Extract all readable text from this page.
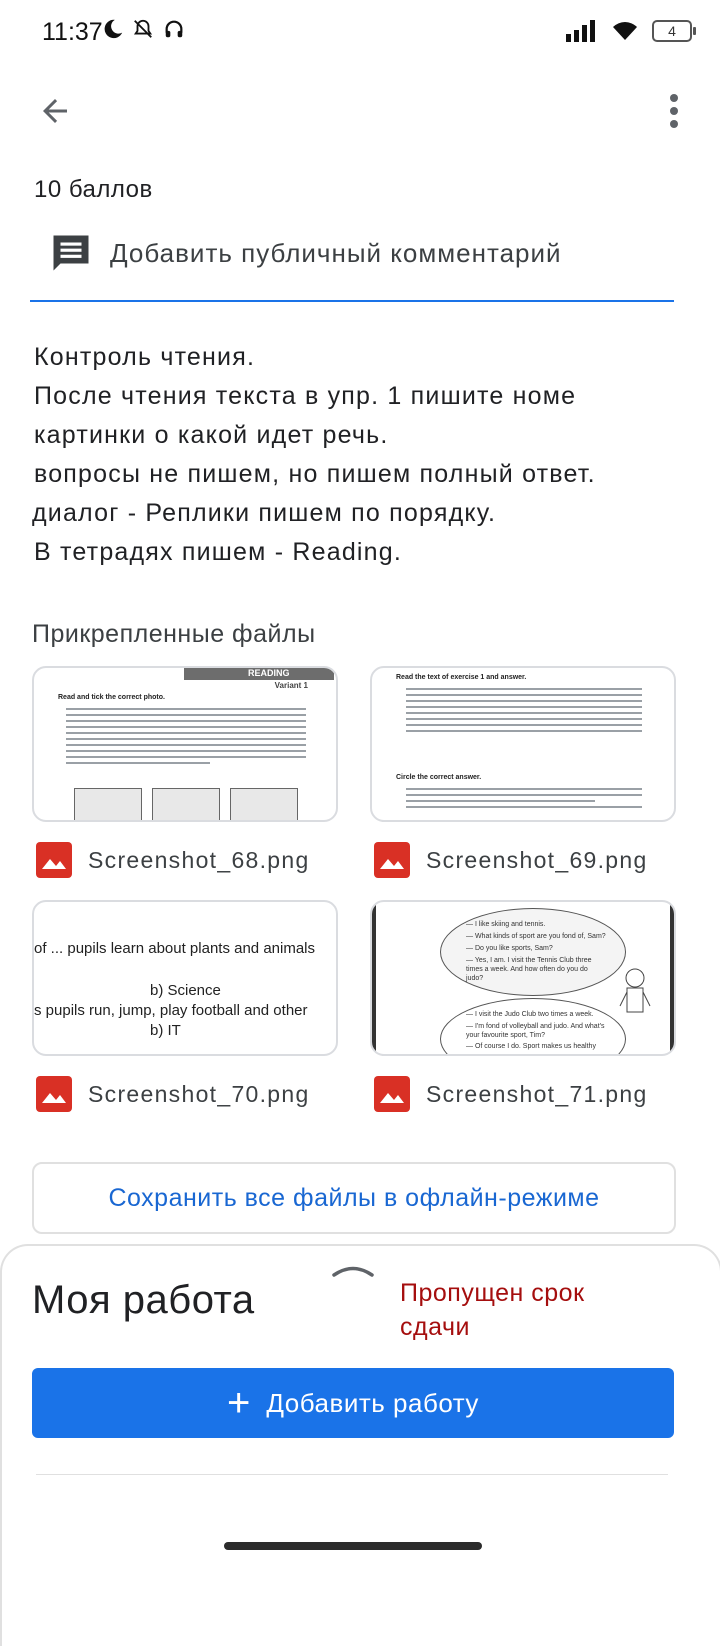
11:37	4
10 баллов
Добавить публичный комментарий
Контроль чтения.
После чтения текста в упр. 1 пишите номе
картинки о какой идет речь.
вопросы не пишем, но пишем полный ответ.
диалог - Реплики пишем по порядку.
В тетрадях пишем - Reading.
Прикрепленные файлы
READING
Variant 1
Read and tick the correct photo.
Read the text of exercise 1 and answer.
Circle the correct answer.
Screenshot_68.png	Screenshot_69.png
of ... pupils learn about plants and animals
b) Science
s pupils run, jump, play football and other
b) IT
— I like skiing and tennis.
— What kinds of sport are you fond of, Sam?
— Do you like sports, Sam?
— Yes, I am. I visit the Tennis Club three times a week. And how often do you do judo?
— I visit the Judo Club two times a week.
— I'm fond of volleyball and judo. And what's your favourite sport, Tim?
— Of course I do. Sport makes us healthy
Screenshot_70.png	Screenshot_71.png
Сохранить все файлы в офлайн-режиме
Моя работа	Пропущен срок сдачи
+ Добавить работу
